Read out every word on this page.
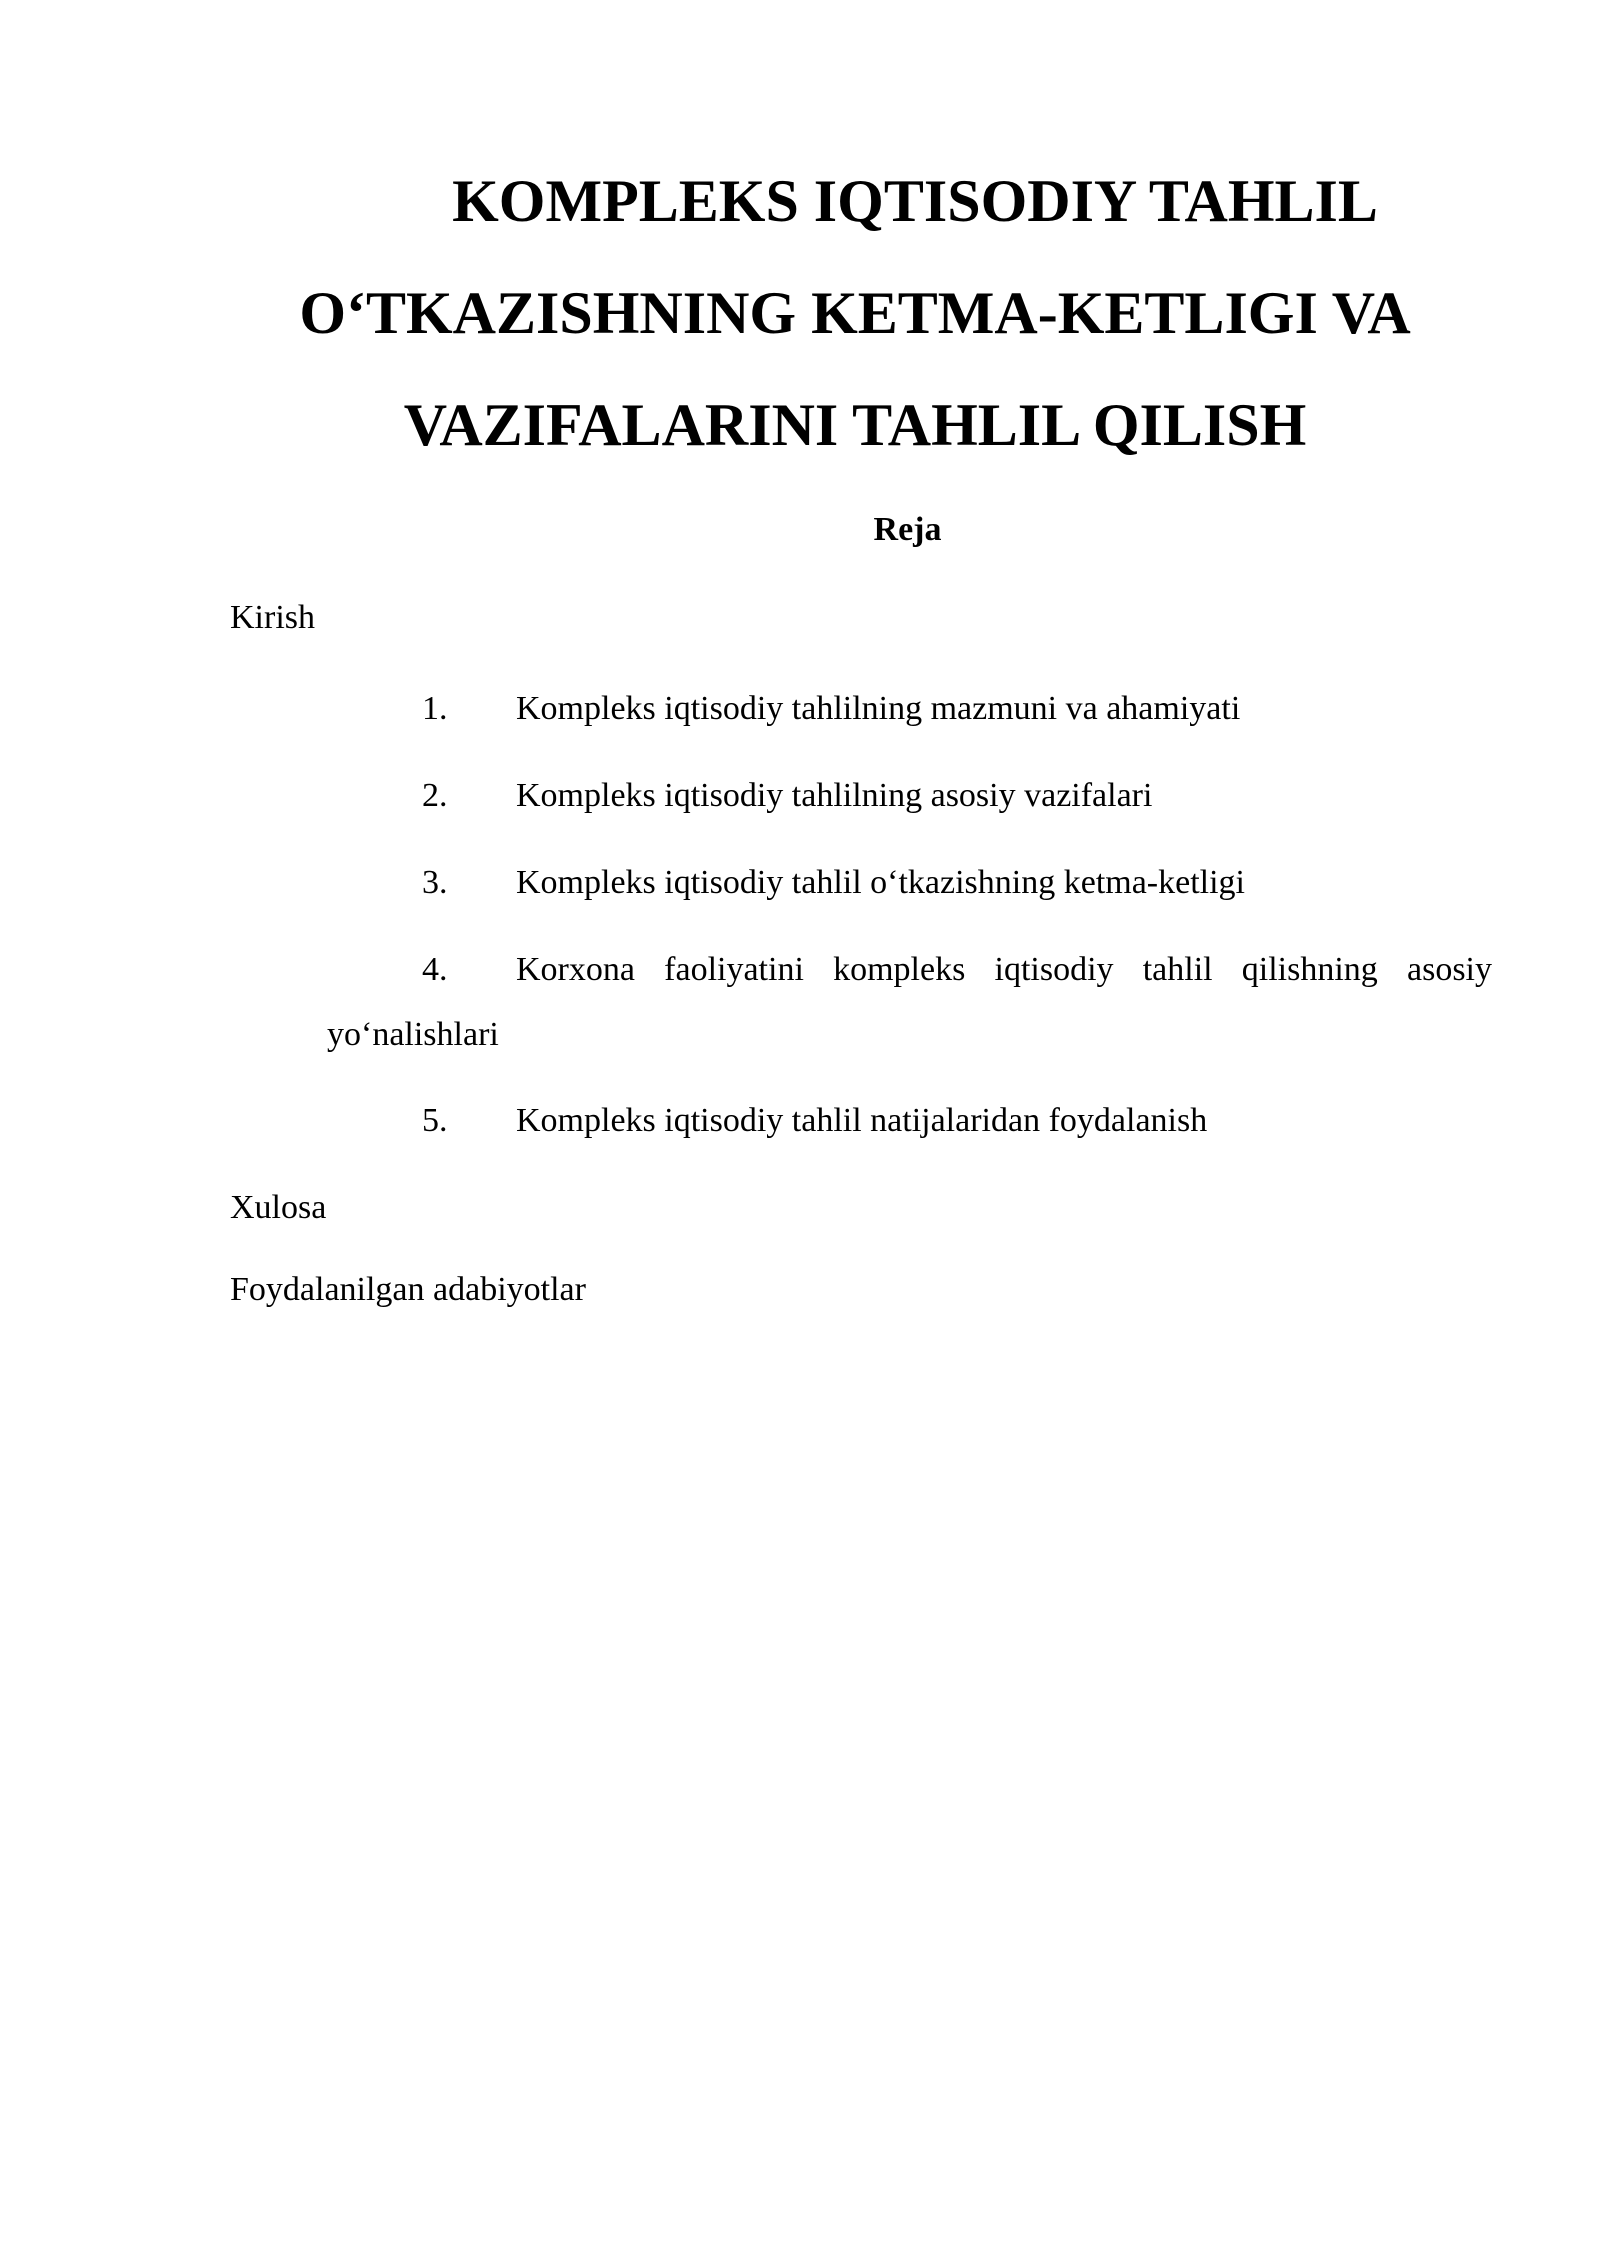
KOMPLEKS IQTISODIY TAHLIL
O‘TKAZISHNING KETMA-KETLIGI VA
VAZIFALARINI TAHLIL QILISH

Reja

Kirish

1. Kompleks iqtisodiy tahlilning mazmuni va ahamiyati

2. Kompleks iqtisodiy tahlilning asosiy vazifalari

3. Kompleks iqtisodiy tahlil o‘tkazishning ketma-ketligi

4. Korxona faoliyatini kompleks iqtisodiy tahlil qilishning asosiy

yo‘nalishlari

5. Kompleks iqtisodiy tahlil natijalaridan foydalanish

Xulosa

Foydalanilgan adabiyotlar
